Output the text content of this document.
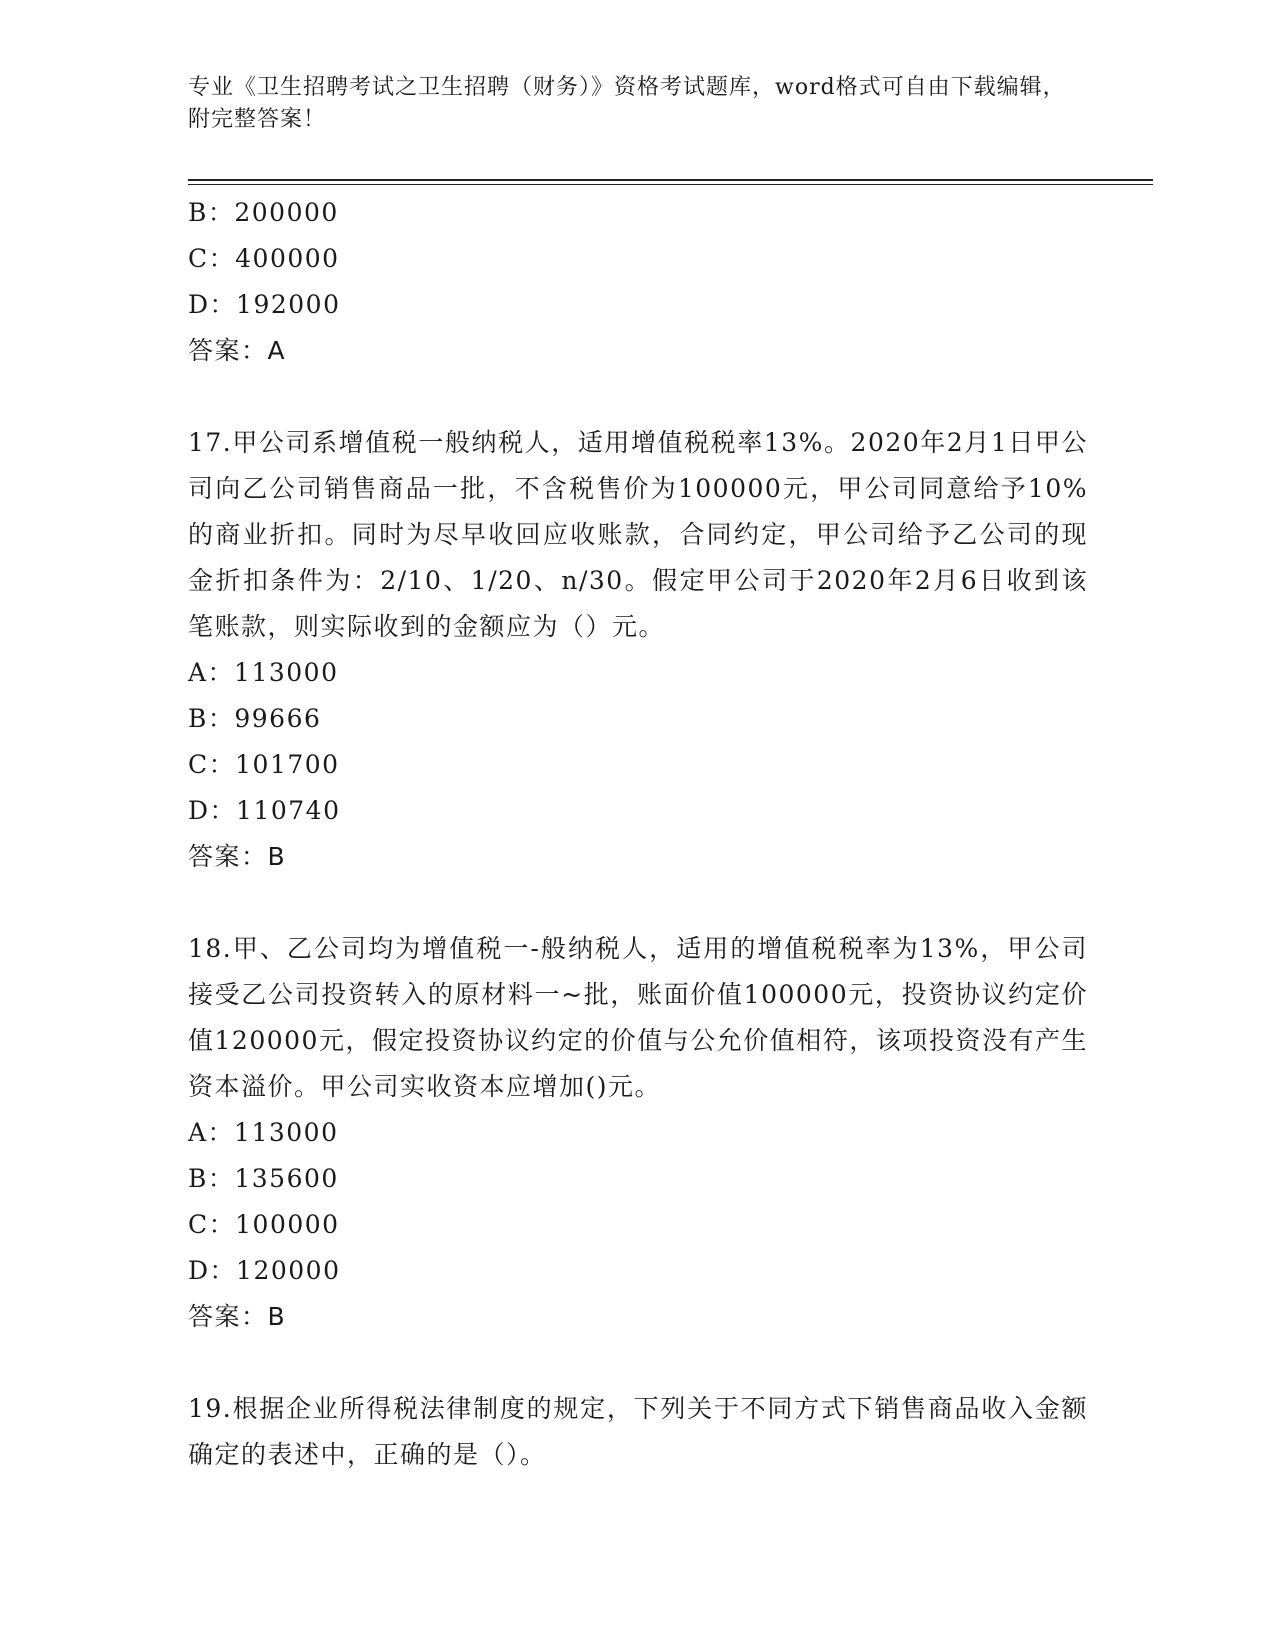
专业《卫生招聘考试之卫生招聘（财务）》资格考试题库，word格式可自由下载编辑，附完整答案！
B：200000
C：400000
D：192000
答案：A
17.甲公司系增值税一般纳税人，适用增值税税率13%。2020年2月1日甲公司向乙公司销售商品一批，不含税售价为100000元，甲公司同意给予10%的商业折扣。同时为尽早收回应收账款，合同约定，甲公司给予乙公司的现金折扣条件为：2/10、1/20、n/30。假定甲公司于2020年2月6日收到该笔账款，则实际收到的金额应为（）元。
A：113000
B：99666
C：101700
D：110740
答案：B
18.甲、乙公司均为增值税一-般纳税人，适用的增值税税率为13%，甲公司接受乙公司投资转入的原材料一~批，账面价值100000元，投资协议约定价值120000元，假定投资协议约定的价值与公允价值相符，该项投资没有产生资本溢价。甲公司实收资本应增加()元。
A：113000
B：135600
C：100000
D：120000
答案：B
19.根据企业所得税法律制度的规定，下列关于不同方式下销售商品收入金额确定的表述中，正确的是（）。
